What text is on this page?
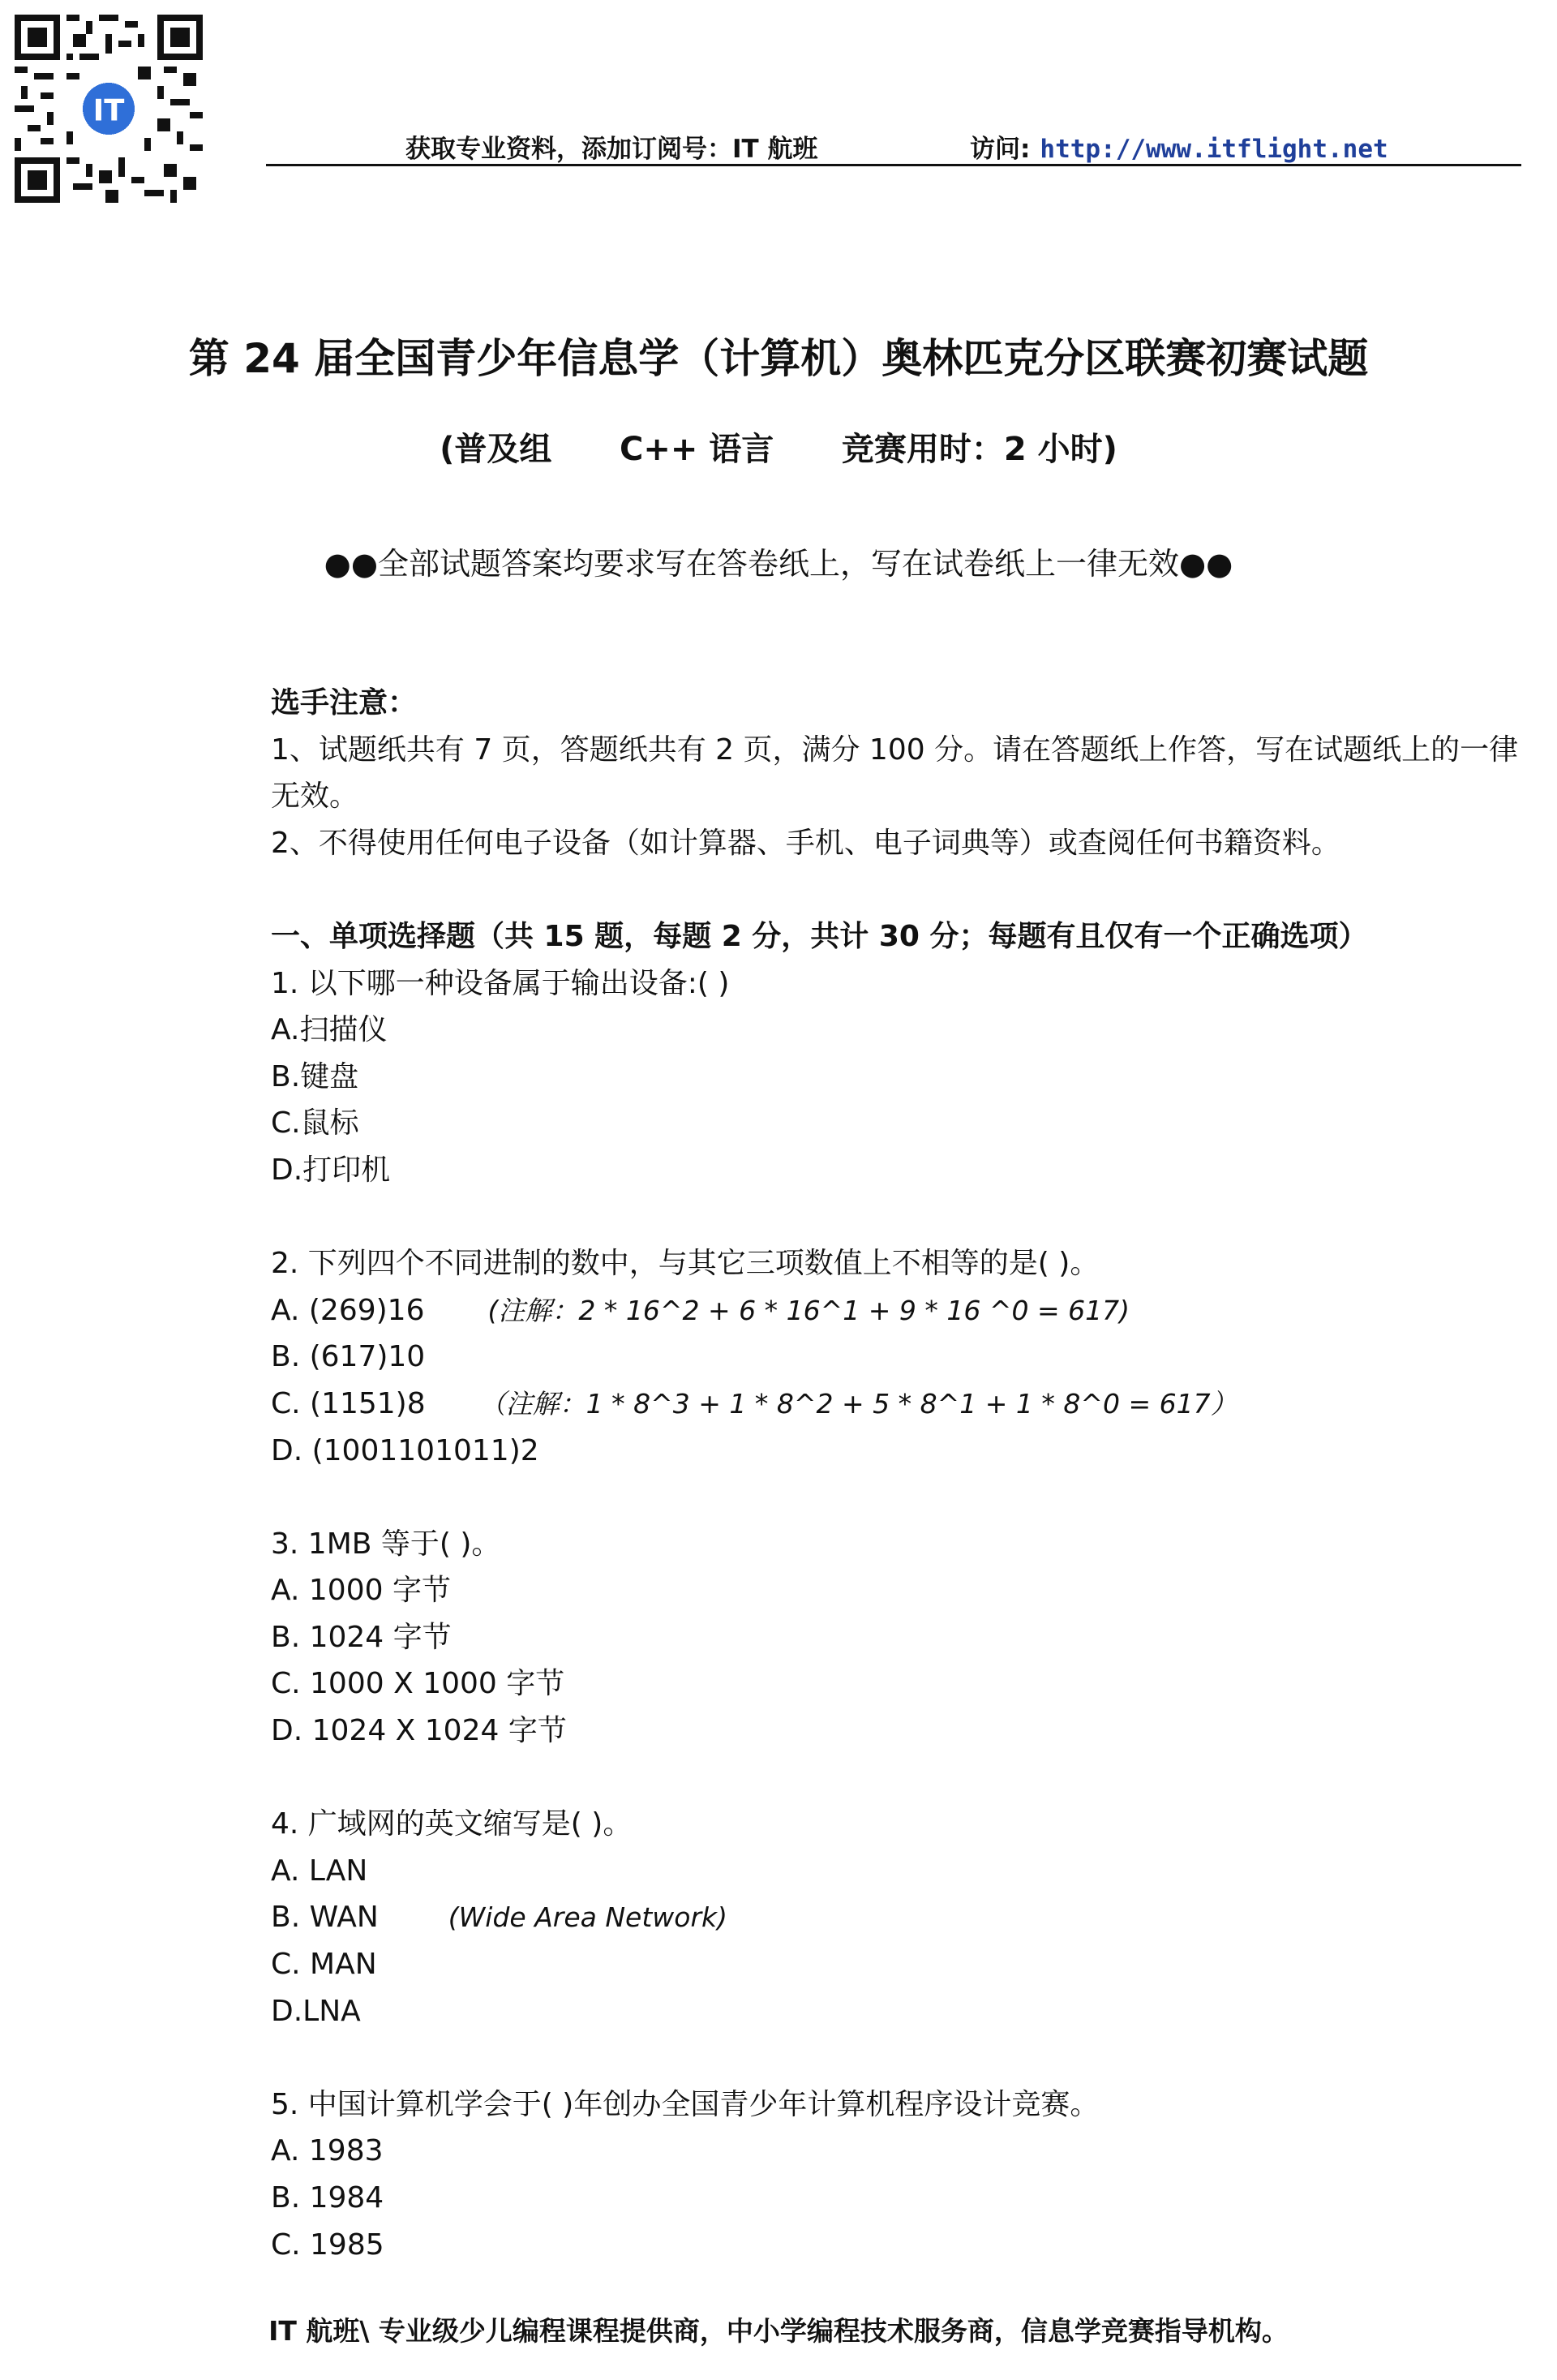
IT
获取专业资料，添加订阅号：IT 航班	访问: http://www.itflight.net
第 24 届全国青少年信息学（计算机）奥林匹克分区联赛初赛试题
(普及组      C++ 语言      竞赛用时：2 小时)
●●全部试题答案均要求写在答卷纸上，写在试卷纸上一律无效●●
选手注意：
1、试题纸共有 7 页，答题纸共有 2 页，满分 100 分。请在答题纸上作答，写在试题纸上的一律无效。
2、不得使用任何电子设备（如计算器、手机、电子词典等）或查阅任何书籍资料。
一、单项选择题（共 15 题，每题 2 分，共计 30 分；每题有且仅有一个正确选项）
1. 以下哪一种设备属于输出设备:( )
A.扫描仪
B.键盘
C.鼠标
D.打印机
2. 下列四个不同进制的数中，与其它三项数值上不相等的是( )。
A. (269)16 (注解：2 * 16^2 + 6 * 16^1 + 9 * 16 ^0 = 617)
B. (617)10
C. (1151)8 （注解：1 * 8^3 + 1 * 8^2 + 5 * 8^1 + 1 * 8^0 = 617）
D. (1001101011)2
3. 1MB 等于( )。
A. 1000 字节
B. 1024 字节
C. 1000 X 1000 字节
D. 1024 X 1024 字节
4. 广域网的英文缩写是( )。
A. LAN
B. WAN	(Wide Area Network)
C. MAN
D.LNA
5. 中国计算机学会于( )年创办全国青少年计算机程序设计竞赛。
A. 1983
B. 1984
C. 1985
IT 航班\ 专业级少儿编程课程提供商，中小学编程技术服务商，信息学竞赛指导机构。
